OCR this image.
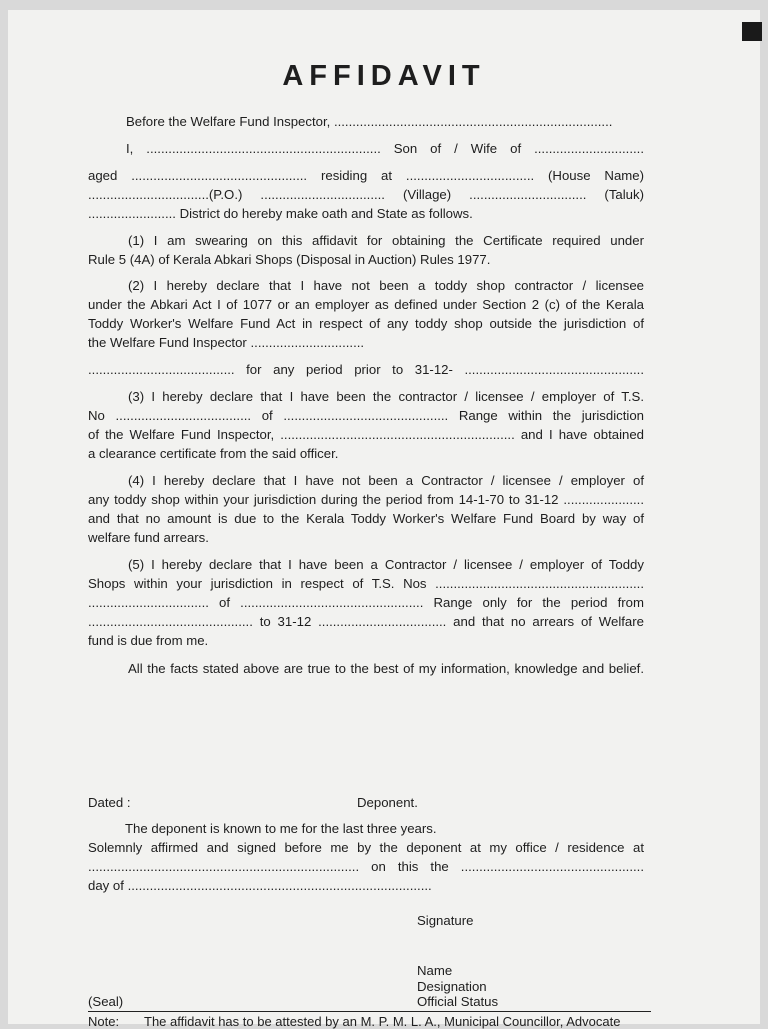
AFFIDAVIT
Before the Welfare Fund Inspector, ............................................................................
I, ................................................................ Son of / Wife of ..............................
aged ................................................ residing at ................................... (House Name)
.................................(P.O.) .................................. (Village) ................................ (Taluk)
........................ District do hereby make oath and State as follows.
(1) I am swearing on this affidavit for obtaining the Certificate required under
Rule 5 (4A) of Kerala Abkari Shops (Disposal in Auction) Rules 1977.
(2) I hereby declare that I have not been a toddy shop contractor / licensee
under the Abkari Act I of 1077 or an employer as defined under Section 2 (c) of the Kerala
Toddy Worker's Welfare Fund Act in respect of any toddy shop outside the jurisdiction of
the Welfare Fund Inspector ...............................
........................................ for any period prior to 31-12- .................................................
(3) I hereby declare that I have been the contractor / licensee / employer of T.S.
No ..................................... of ............................................. Range within the jurisdiction
of the Welfare Fund Inspector, ................................................................ and I have obtained
a clearance certificate from the said officer.
(4) I hereby declare that I have not been a Contractor / licensee / employer of
any toddy shop within your jurisdiction during the period from 14-1-70 to 31-12 ......................
and that no amount is due to the Kerala Toddy Worker's Welfare Fund Board by way of
welfare fund arrears.
(5) I hereby declare that I have been a Contractor / licensee / employer of Toddy
Shops within your jurisdiction in respect of T.S. Nos .........................................................
................................. of .................................................. Range only for the period from
............................................. to 31-12 ................................... and that no arrears of Welfare
fund is due from me.
All the facts stated above are true to the best of my information, knowledge and belief.
Dated :	Deponent.
The deponent is known to me for the last three years.
Solemnly affirmed and signed before me by the deponent at my office / residence at
.......................................................................... on this the ..................................................
day of ...................................................................................
Signature
Name
Designation
Official Status
(Seal)
Note: The affidavit has to be attested by an M. P. M. L. A., Municipal Councillor, Advocate
